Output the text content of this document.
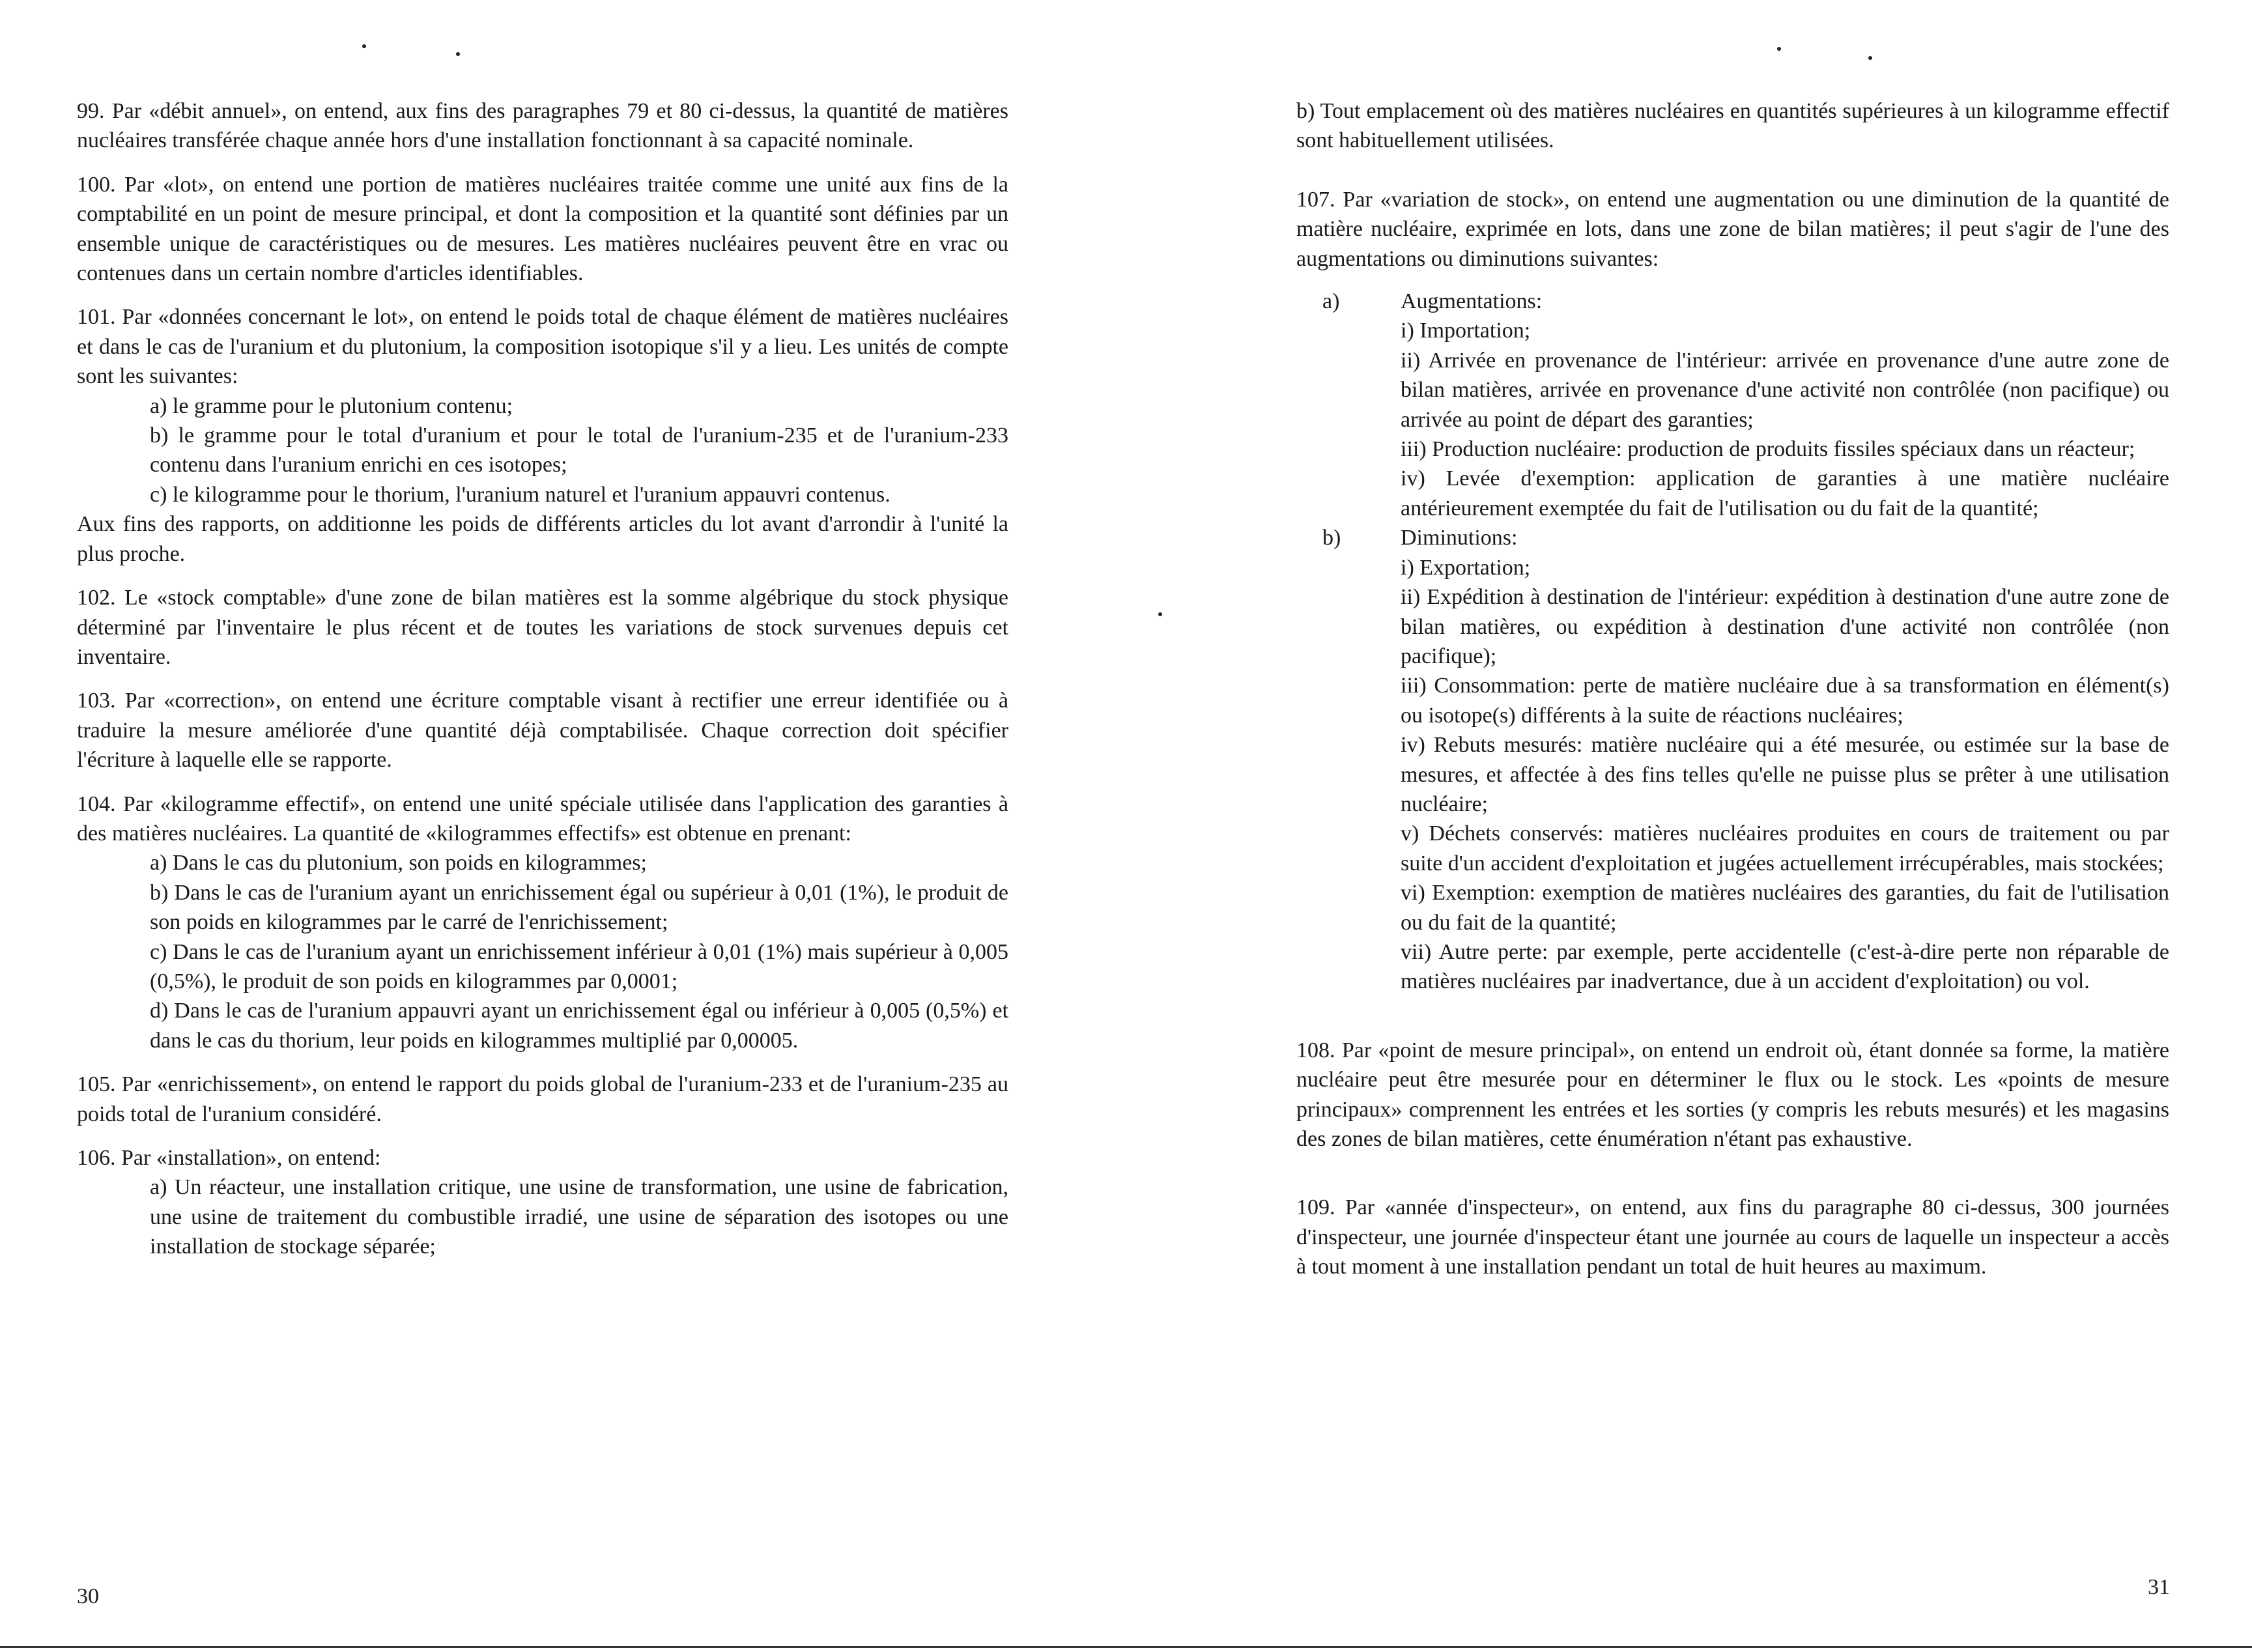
99. Par «débit annuel», on entend, aux fins des paragraphes 79 et 80 ci-dessus, la quantité de matières nucléaires transférée chaque année hors d'une installation fonctionnant à sa capacité nominale.

100. Par «lot», on entend une portion de matières nucléaires traitée comme une unité aux fins de la comptabilité en un point de mesure principal, et dont la composition et la quantité sont définies par un ensemble unique de caractéristiques ou de mesures. Les matières nucléaires peuvent être en vrac ou contenues dans un certain nombre d'articles identifiables.

101. Par «données concernant le lot», on entend le poids total de chaque élément de matières nucléaires et dans le cas de l'uranium et du plutonium, la composition isotopique s'il y a lieu. Les unités de compte sont les suivantes:
a) le gramme pour le plutonium contenu;
b) le gramme pour le total d'uranium et pour le total de l'uranium-235 et de l'uranium-233 contenu dans l'uranium enrichi en ces isotopes;
c) le kilogramme pour le thorium, l'uranium naturel et l'uranium appauvri contenus.
Aux fins des rapports, on additionne les poids de différents articles du lot avant d'arrondir à l'unité la plus proche.

102. Le «stock comptable» d'une zone de bilan matières est la somme algébrique du stock physique déterminé par l'inventaire le plus récent et de toutes les variations de stock survenues depuis cet inventaire.

103. Par «correction», on entend une écriture comptable visant à rectifier une erreur identifiée ou à traduire la mesure améliorée d'une quantité déjà comptabilisée. Chaque correction doit spécifier l'écriture à laquelle elle se rapporte.

104. Par «kilogramme effectif», on entend une unité spéciale utilisée dans l'application des garanties à des matières nucléaires. La quantité de «kilogrammes effectifs» est obtenue en prenant:
a) Dans le cas du plutonium, son poids en kilogrammes;
b) Dans le cas de l'uranium ayant un enrichissement égal ou supérieur à 0,01 (1%), le produit de son poids en kilogrammes par le carré de l'enrichissement;
c) Dans le cas de l'uranium ayant un enrichissement inférieur à 0,01 (1%) mais supérieur à 0,005 (0,5%), le produit de son poids en kilogrammes par 0,0001;
d) Dans le cas de l'uranium appauvri ayant un enrichissement égal ou inférieur à 0,005 (0,5%) et dans le cas du thorium, leur poids en kilogrammes multiplié par 0,00005.

105. Par «enrichissement», on entend le rapport du poids global de l'uranium-233 et de l'uranium-235 au poids total de l'uranium considéré.

106. Par «installation», on entend:
a) Un réacteur, une installation critique, une usine de transformation, une usine de fabrication, une usine de traitement du combustible irradié, une usine de séparation des isotopes ou une installation de stockage séparée;
30

b) Tout emplacement où des matières nucléaires en quantités supérieures à un kilogramme effectif sont habituellement utilisées.

107. Par «variation de stock», on entend une augmentation ou une diminution de la quantité de matière nucléaire, exprimée en lots, dans une zone de bilan matières; il peut s'agir de l'une des augmentations ou diminutions suivantes:
a)	Augmentations:
i) Importation;
ii) Arrivée en provenance de l'intérieur: arrivée en provenance d'une autre zone de bilan matières, arrivée en provenance d'une activité non contrôlée (non pacifique) ou arrivée au point de départ des garanties;
iii) Production nucléaire: production de produits fissiles spéciaux dans un réacteur;
iv) Levée d'exemption: application de garanties à une matière nucléaire antérieurement exemptée du fait de l'utilisation ou du fait de la quantité;
b)	Diminutions:
i) Exportation;
ii) Expédition à destination de l'intérieur: expédition à destination d'une autre zone de bilan matières, ou expédition à destination d'une activité non contrôlée (non pacifique);
iii) Consommation: perte de matière nucléaire due à sa transformation en élément(s) ou isotope(s) différents à la suite de réactions nucléaires;
iv) Rebuts mesurés: matière nucléaire qui a été mesurée, ou estimée sur la base de mesures, et affectée à des fins telles qu'elle ne puisse plus se prêter à une utilisation nucléaire;
v) Déchets conservés: matières nucléaires produites en cours de traitement ou par suite d'un accident d'exploitation et jugées actuellement irrécupérables, mais stockées;
vi) Exemption: exemption de matières nucléaires des garanties, du fait de l'utilisation ou du fait de la quantité;
vii) Autre perte: par exemple, perte accidentelle (c'est-à-dire perte non réparable de matières nucléaires par inadvertance, due à un accident d'exploitation) ou vol.

108. Par «point de mesure principal», on entend un endroit où, étant donnée sa forme, la matière nucléaire peut être mesurée pour en déterminer le flux ou le stock. Les «points de mesure principaux» comprennent les entrées et les sorties (y compris les rebuts mesurés) et les magasins des zones de bilan matières, cette énumération n'étant pas exhaustive.

109. Par «année d'inspecteur», on entend, aux fins du paragraphe 80 ci-dessus, 300 journées d'inspecteur, une journée d'inspecteur étant une journée au cours de laquelle un inspecteur a accès à tout moment à une installation pendant un total de huit heures au maximum.

31
